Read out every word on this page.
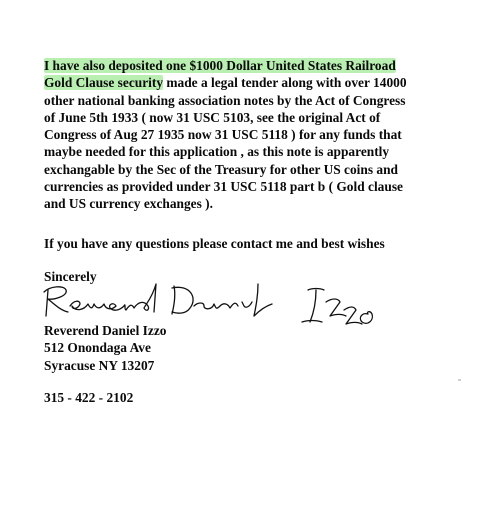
I have also deposited one $1000 Dollar United States Railroad
Gold Clause security made a legal tender along with over 14000
other national banking association notes by the Act of Congress
of June 5th 1933 ( now 31 USC 5103, see the original Act of
Congress of Aug 27 1935 now 31 USC 5118 ) for any funds that
maybe needed for this application , as this note is apparently
exchangable by the Sec of the Treasury for other US coins and
currencies as provided under 31 USC 5118 part b ( Gold clause
and US currency exchanges ).
If you have any questions please contact me and best wishes
Sincerely
Reverend Daniel Izzo
512 Onondaga Ave
Syracuse NY 13207
315 - 422 - 2102
